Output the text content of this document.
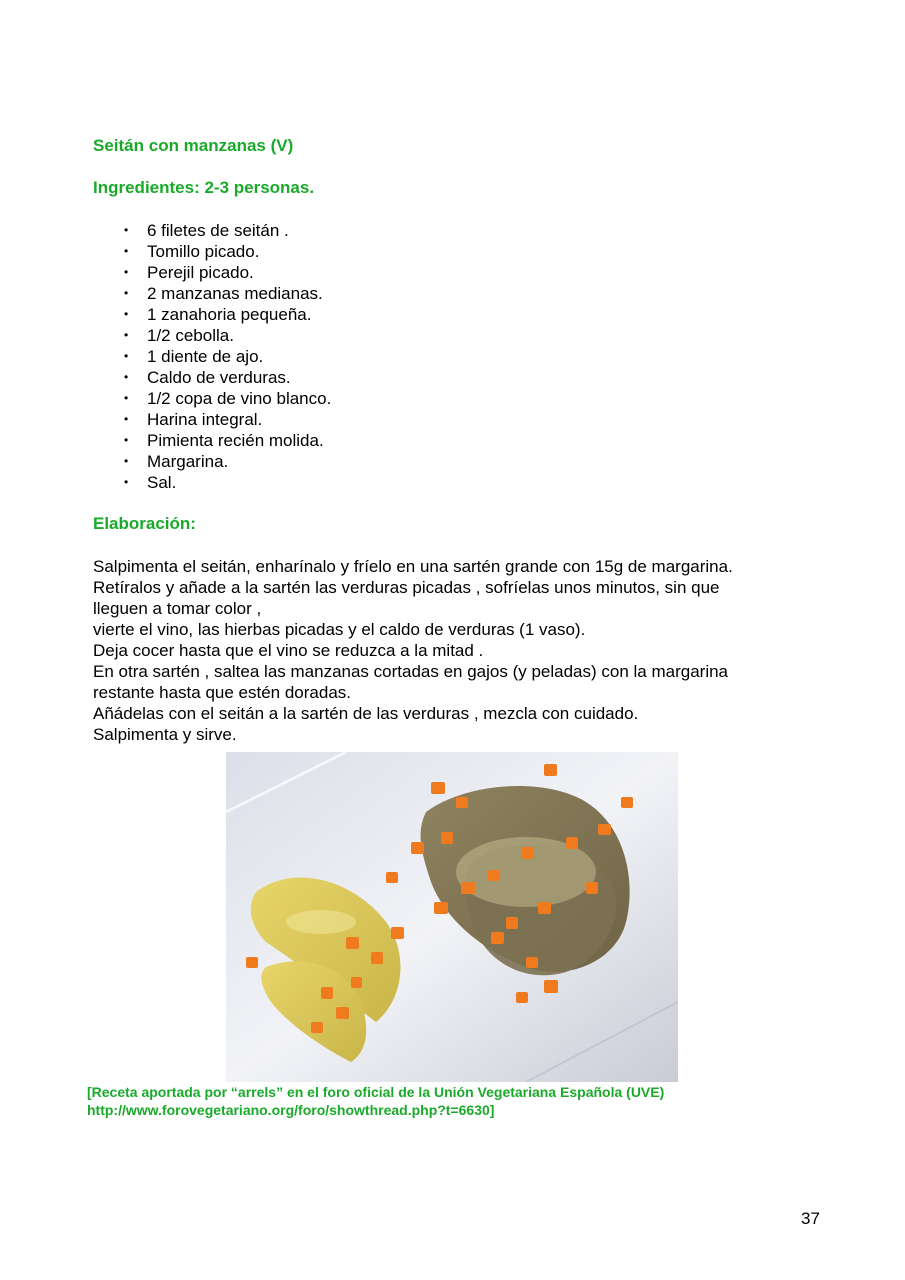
Seitán con manzanas (V)
Ingredientes: 2-3 personas.
• 6 filetes de seitán .
• Tomillo picado.
• Perejil picado.
• 2 manzanas medianas.
• 1 zanahoria pequeña.
• 1/2 cebolla.
• 1 diente de ajo.
• Caldo de verduras.
• 1/2 copa de vino blanco.
• Harina integral.
• Pimienta recién molida.
• Margarina.
• Sal.
Elaboración:
Salpimenta el seitán, enharínalo y fríelo en una sartén grande con 15g de margarina.
Retíralos y añade a la sartén las verduras picadas , sofríelas unos minutos, sin que
lleguen a tomar color ,
vierte el vino, las hierbas picadas y el caldo de verduras (1 vaso).
Deja cocer hasta que el vino se reduzca a la mitad .
En otra sartén , saltea las manzanas cortadas en gajos (y peladas) con la margarina
restante hasta que estén doradas.
Añádelas con el seitán a la sartén de las verduras , mezcla con cuidado.
Salpimenta y sirve.
[Receta aportada por “arrels” en el foro oficial de la Unión Vegetariana Española (UVE)
http://www.forovegetariano.org/foro/showthread.php?t=6630]
37
